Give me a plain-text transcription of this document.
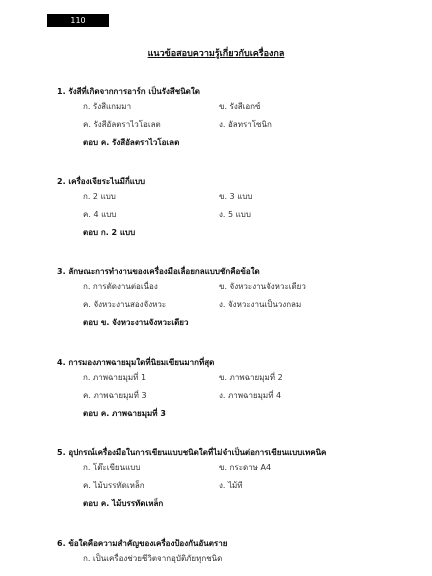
110
แนวข้อสอบความรู้เกี่ยวกับเครื่องกล
1. รังสีที่เกิดจากการอาร์ก เป็นรังสีชนิดใด
ก. รังสีแกมมา	ข. รังสีเอกซ์
ค. รังสีอัลตราไวโอเลต	ง. อัลทราโซนิก
ตอบ ค. รังสีอัลตราไวโอเลต
2. เครื่องเจียระไนมีกี่แบบ
ก. 2 แบบ	ข. 3 แบบ
ค. 4 แบบ	ง. 5 แบบ
ตอบ ก. 2 แบบ
3. ลักษณะการทำงานของเครื่องมือเลื่อยกลแบบชักคือข้อใด
ก. การตัดงานต่อเนื่อง	ข. จังหวะงานจังหวะเดียว
ค. จังหวะงานสองจังหวะ	ง. จังหวะงานเป็นวงกลม
ตอบ ข. จังหวะงานจังหวะเดียว
4. การมองภาพฉายมุมใดที่นิยมเขียนมากที่สุด
ก. ภาพฉายมุมที่ 1	ข. ภาพฉายมุมที่ 2
ค. ภาพฉายมุมที่ 3	ง. ภาพฉายมุมที่ 4
ตอบ ค. ภาพฉายมุมที่ 3
5. อุปกรณ์เครื่องมือในการเขียนแบบชนิดใดที่ไม่จำเป็นต่อการเขียนแบบเทคนิค
ก. โต๊ะเขียนแบบ	ข. กระดาษ A4
ค. ไม้บรรทัดเหล็ก	ง. ไม้ที
ตอบ ค. ไม้บรรทัดเหล็ก
6. ข้อใดคือความสำคัญของเครื่องป้องกันอันตราย
ก. เป็นเครื่องช่วยชีวิตจากอุบัติภัยทุกชนิด
